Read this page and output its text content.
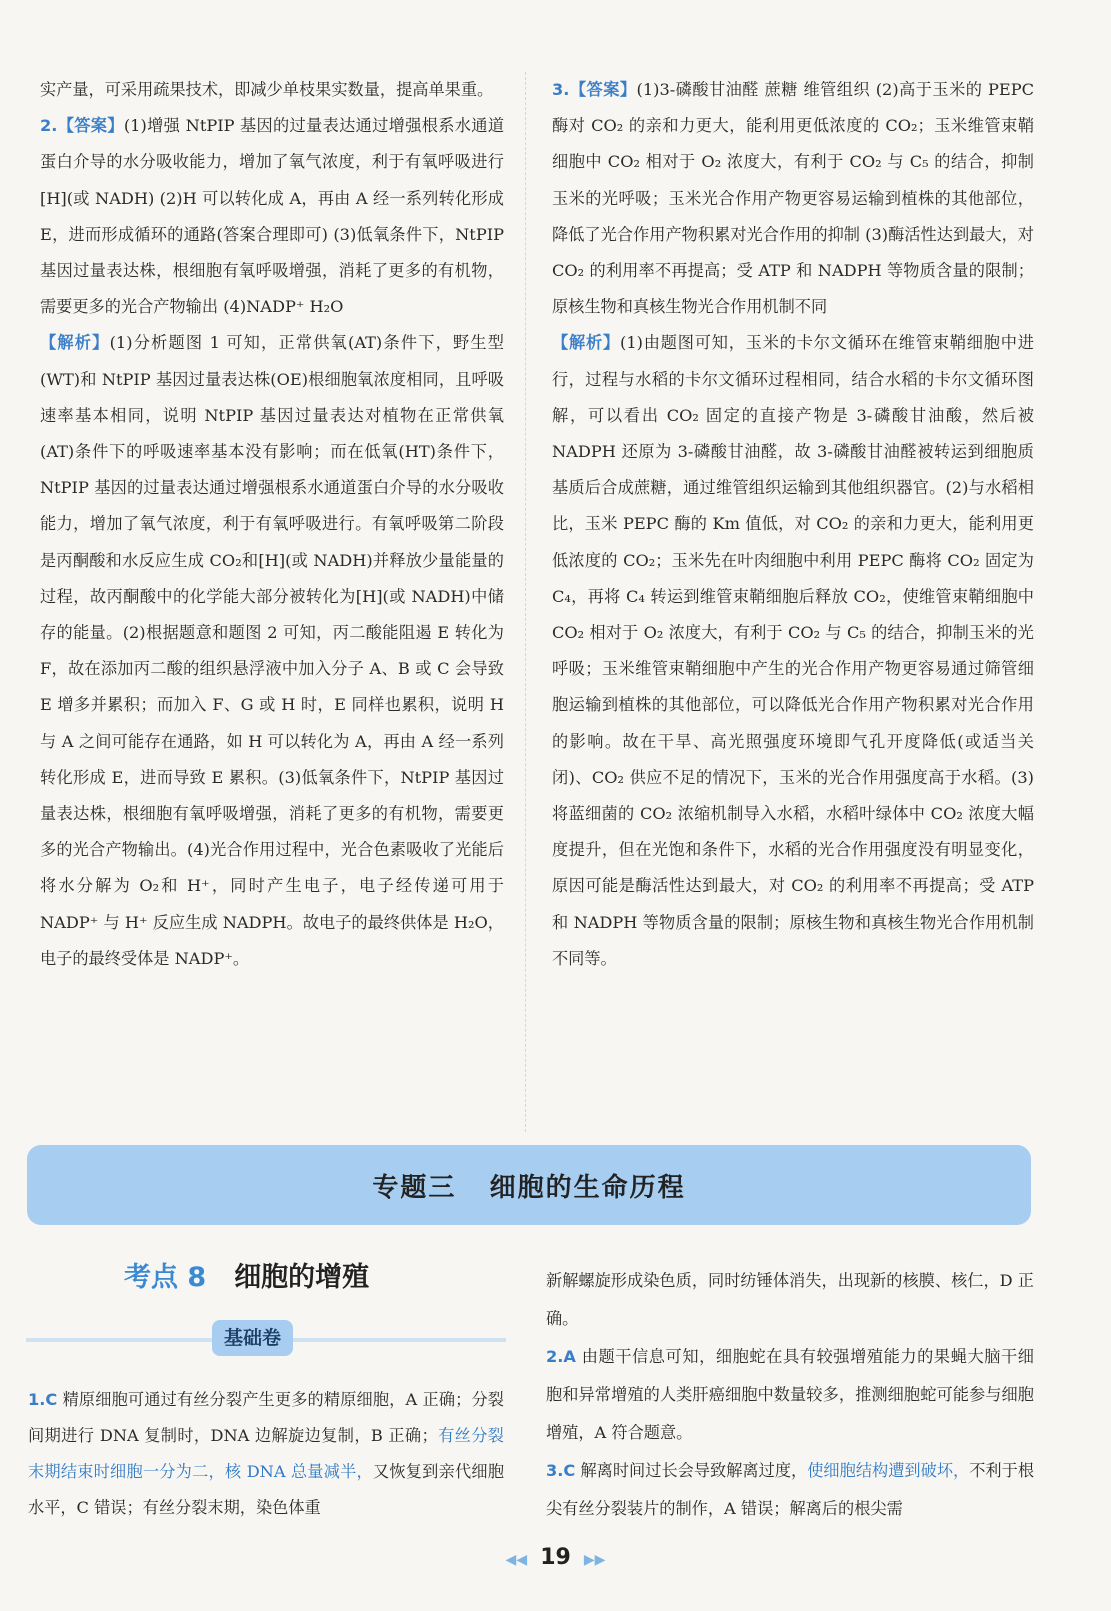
实产量，可采用疏果技术，即减少单枝果实数量，提高单果重。

2.【答案】(1)增强 NtPIP 基因的过量表达通过增强根系水通道蛋白介导的水分吸收能力，增加了氧气浓度，利于有氧呼吸进行 [H](或 NADH) (2)H 可以转化成 A，再由 A 经一系列转化形成 E，进而形成循环的通路(答案合理即可) (3)低氧条件下，NtPIP 基因过量表达株，根细胞有氧呼吸增强，消耗了更多的有机物，需要更多的光合产物输出 (4)NADP⁺ H₂O

【解析】(1)分析题图 1 可知，正常供氧(AT)条件下，野生型(WT)和 NtPIP 基因过量表达株(OE)根细胞氧浓度相同，且呼吸速率基本相同，说明 NtPIP 基因过量表达对植物在正常供氧(AT)条件下的呼吸速率基本没有影响；而在低氧(HT)条件下，NtPIP 基因的过量表达通过增强根系水通道蛋白介导的水分吸收能力，增加了氧气浓度，利于有氧呼吸进行。有氧呼吸第二阶段是丙酮酸和水反应生成 CO₂和[H](或 NADH)并释放少量能量的过程，故丙酮酸中的化学能大部分被转化为[H](或 NADH)中储存的能量。(2)根据题意和题图 2 可知，丙二酸能阻遏 E 转化为 F，故在添加丙二酸的组织悬浮液中加入分子 A、B 或 C 会导致 E 增多并累积；而加入 F、G 或 H 时，E 同样也累积，说明 H 与 A 之间可能存在通路，如 H 可以转化为 A，再由 A 经一系列转化形成 E，进而导致 E 累积。(3)低氧条件下，NtPIP 基因过量表达株，根细胞有氧呼吸增强，消耗了更多的有机物，需要更多的光合产物输出。(4)光合作用过程中，光合色素吸收了光能后将水分解为 O₂和 H⁺，同时产生电子，电子经传递可用于 NADP⁺ 与 H⁺ 反应生成 NADPH。故电子的最终供体是 H₂O，电子的最终受体是 NADP⁺。

3.【答案】(1)3-磷酸甘油醛 蔗糖 维管组织 (2)高于玉米的 PEPC 酶对 CO₂ 的亲和力更大，能利用更低浓度的 CO₂；玉米维管束鞘细胞中 CO₂ 相对于 O₂ 浓度大，有利于 CO₂ 与 C₅ 的结合，抑制玉米的光呼吸；玉米光合作用产物更容易运输到植株的其他部位，降低了光合作用产物积累对光合作用的抑制 (3)酶活性达到最大，对 CO₂ 的利用率不再提高；受 ATP 和 NADPH 等物质含量的限制；原核生物和真核生物光合作用机制不同

【解析】(1)由题图可知，玉米的卡尔文循环在维管束鞘细胞中进行，过程与水稻的卡尔文循环过程相同，结合水稻的卡尔文循环图解，可以看出 CO₂ 固定的直接产物是 3-磷酸甘油酸，然后被 NADPH 还原为 3-磷酸甘油醛，故 3-磷酸甘油醛被转运到细胞质基质后合成蔗糖，通过维管组织运输到其他组织器官。(2)与水稻相比，玉米 PEPC 酶的 Km 值低，对 CO₂ 的亲和力更大，能利用更低浓度的 CO₂；玉米先在叶肉细胞中利用 PEPC 酶将 CO₂ 固定为 C₄，再将 C₄ 转运到维管束鞘细胞后释放 CO₂，使维管束鞘细胞中 CO₂ 相对于 O₂ 浓度大，有利于 CO₂ 与 C₅ 的结合，抑制玉米的光呼吸；玉米维管束鞘细胞中产生的光合作用产物更容易通过筛管细胞运输到植株的其他部位，可以降低光合作用产物积累对光合作用的影响。故在干旱、高光照强度环境即气孔开度降低(或适当关闭)、CO₂ 供应不足的情况下，玉米的光合作用强度高于水稻。(3)将蓝细菌的 CO₂ 浓缩机制导入水稻，水稻叶绿体中 CO₂ 浓度大幅度提升，但在光饱和条件下，水稻的光合作用强度没有明显变化，原因可能是酶活性达到最大，对 CO₂ 的利用率不再提高；受 ATP 和 NADPH 等物质含量的限制；原核生物和真核生物光合作用机制不同等。

专题三   细胞的生命历程
考点 8 细胞的增殖
基础卷

1.C 精原细胞可通过有丝分裂产生更多的精原细胞，A 正确；分裂间期进行 DNA 复制时，DNA 边解旋边复制，B 正确；有丝分裂末期结束时细胞一分为二，核 DNA 总量减半，又恢复到亲代细胞水平，C 错误；有丝分裂末期，染色体重

新解螺旋形成染色质，同时纺锤体消失，出现新的核膜、核仁，D 正确。

2.A 由题干信息可知，细胞蛇在具有较强增殖能力的果蝇大脑干细胞和异常增殖的人类肝癌细胞中数量较多，推测细胞蛇可能参与细胞增殖，A 符合题意。

3.C 解离时间过长会导致解离过度，使细胞结构遭到破坏，不利于根尖有丝分裂装片的制作，A 错误；解离后的根尖需

◀◀ 19 ▶▶
